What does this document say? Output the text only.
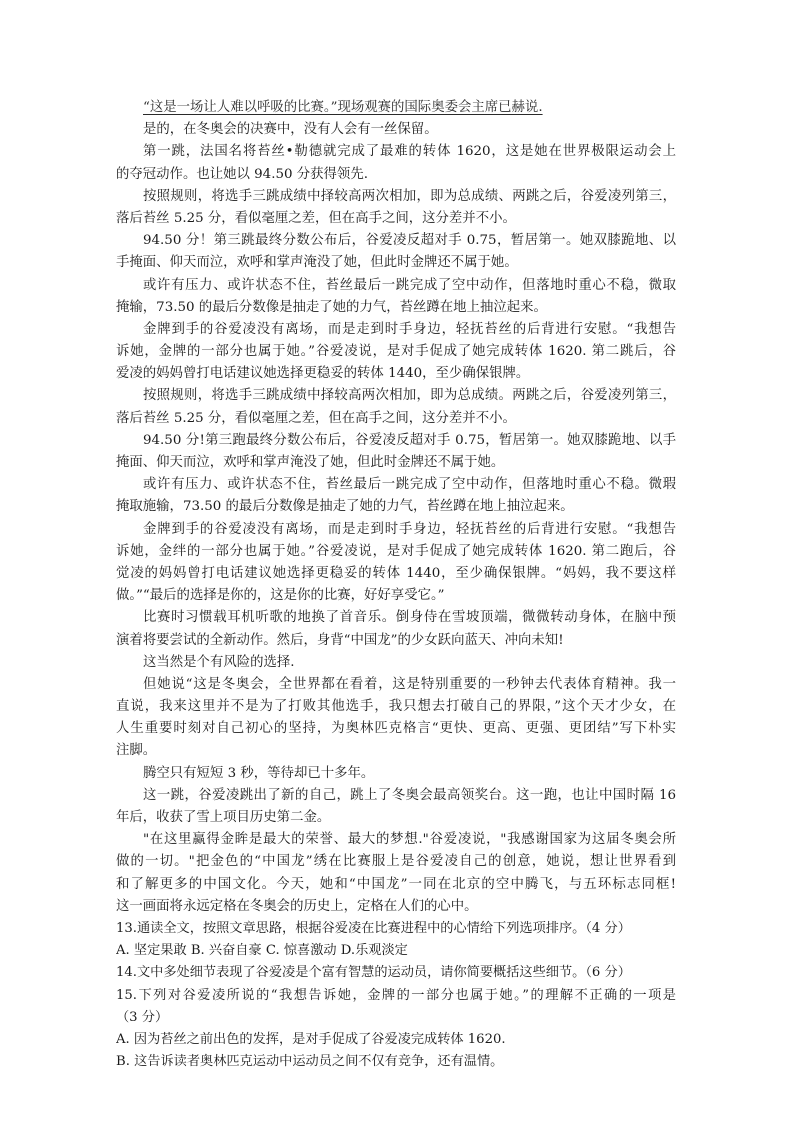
“这是一场让人难以呼吸的比赛。”现场观赛的国际奥委会主席已赫说.
是的，在冬奥会的决赛中，没有人会有一丝保留。
第一跳，法国名将苔丝•勒德就完成了最难的转体 1620，这是她在世界极限运动会上
的夺冠动作。也让她以 94.50 分获得领先.
按照规则，将选手三跳成绩中择较高两次相加，即为总成绩、两跳之后，谷爱凌列第三，
落后苔丝 5.25 分，看似毫厘之差，但在高手之间，这分差并不小。
94.50 分！第三跳最终分数公布后，谷爱凌反超对手 0.75，暂居第一。她双膝跪地、以
手掩面、仰天而泣，欢呼和掌声淹没了她，但此时金牌还不属于她。
或许有压力、或许状态不住，苔丝最后一跳完成了空中动作，但落地时重心不稳，微取
掩输，73.50 的最后分数像是抽走了她的力气，苔丝蹲在地上抽泣起来。
金牌到手的谷爱凌没有离场，而是走到时手身边，轻抚苔丝的后背进行安慰。“我想告
诉她，金牌的一部分也属于她。”谷爱凌说，是对手促成了她完成转体 1620. 第二跳后，谷
爱凌的妈妈曾打电话建议她选择更稳妥的转体 1440，至少确保银牌。
按照规则，将选手三跳成绩中择较高两次相加，即为总成绩。两跳之后，谷爱凌列第三，
落后苔丝 5.25 分，看似毫厘之差，但在高手之间，这分差并不小。
94.50 分!第三跑最终分数公布后，谷爱凌反超对手 0.75，暂居第一。她双膝跪地、以手
掩面、仰天而泣，欢呼和掌声淹没了她，但此时金牌还不属于她。
或许有压力、或许状态不住，苔丝最后一跳完成了空中动作，但落地时重心不稳。微瑕
掩取施输，73.50 的最后分数像是抽走了她的力气，苔丝蹲在地上抽泣起来。
金牌到手的谷爱凌没有离场，而是走到时手身边，轻抚苔丝的后背进行安慰。“我想告
诉她，金绊的一部分也属于她。”谷爱凌说，是对手促成了她完成转体 1620. 第二跑后，谷
觉凌的妈妈曾打电话建议她选择更稳妥的转体 1440，至少确保银牌。“妈妈，我不要这样
做。”“最后的选择是你的，这是你的比赛，好好享受它。”
比赛时习惯载耳机听歌的地换了首音乐。倒身侍在雪坡顶端，微微转动身体，在脑中预
演着将要尝试的全新动作。然后，身背“中国龙”的少女跃向蓝天、冲向未知!
这当然是个有风险的选择.
但她说“这是冬奥会，全世界都在看着，这是特别重要的一秒钟去代表体育精神。我一
直说，我来这里并不是为了打败其他选手，我只想去打破自己的界限，”这个天才少女，在
人生重要时刻对自己初心的坚持，为奥林匹克格言“更快、更高、更强、更团结”写下朴实
注脚。
腾空只有短短 3 秒，等待却已十多年。
这一跳，谷爱凌跳出了新的自己，跳上了冬奥会最高领奖台。这一跑，也让中国时隔 16
年后，收获了雪上项目历史第二金。
"在这里赢得金眸是最大的荣誉、最大的梦想."谷爱凌说，"我感谢国家为这届冬奥会所
做的一切。"把金色的“中国龙”绣在比赛服上是谷爱凌自己的创意，她说，想让世界看到
和了解更多的中国文化。今天，她和“中国龙”一同在北京的空中腾飞，与五环标志同框!
这一画面将永远定格在冬奥会的历史上，定格在人们的心中。
13.通读全文，按照文章思路，根据谷爱凌在比赛进程中的心情给下列选项排序。（4 分）
A. 坚定果敢 B. 兴奋自豪 C. 惊喜激动 D.乐观淡定
14.文中多处细节表现了谷爱凌是个富有智慧的运动员，请你简要概括这些细节。（6 分）
15.下列对谷爱凌所说的“我想告诉她，金牌的一部分也属于她。”的理解不正确的一项是
（3 分）
A. 因为苔丝之前出色的发挥，是对手促成了谷爱凌完成转体 1620.
B. 这告诉读者奥林匹克运动中运动员之间不仅有竞争，还有温情。
